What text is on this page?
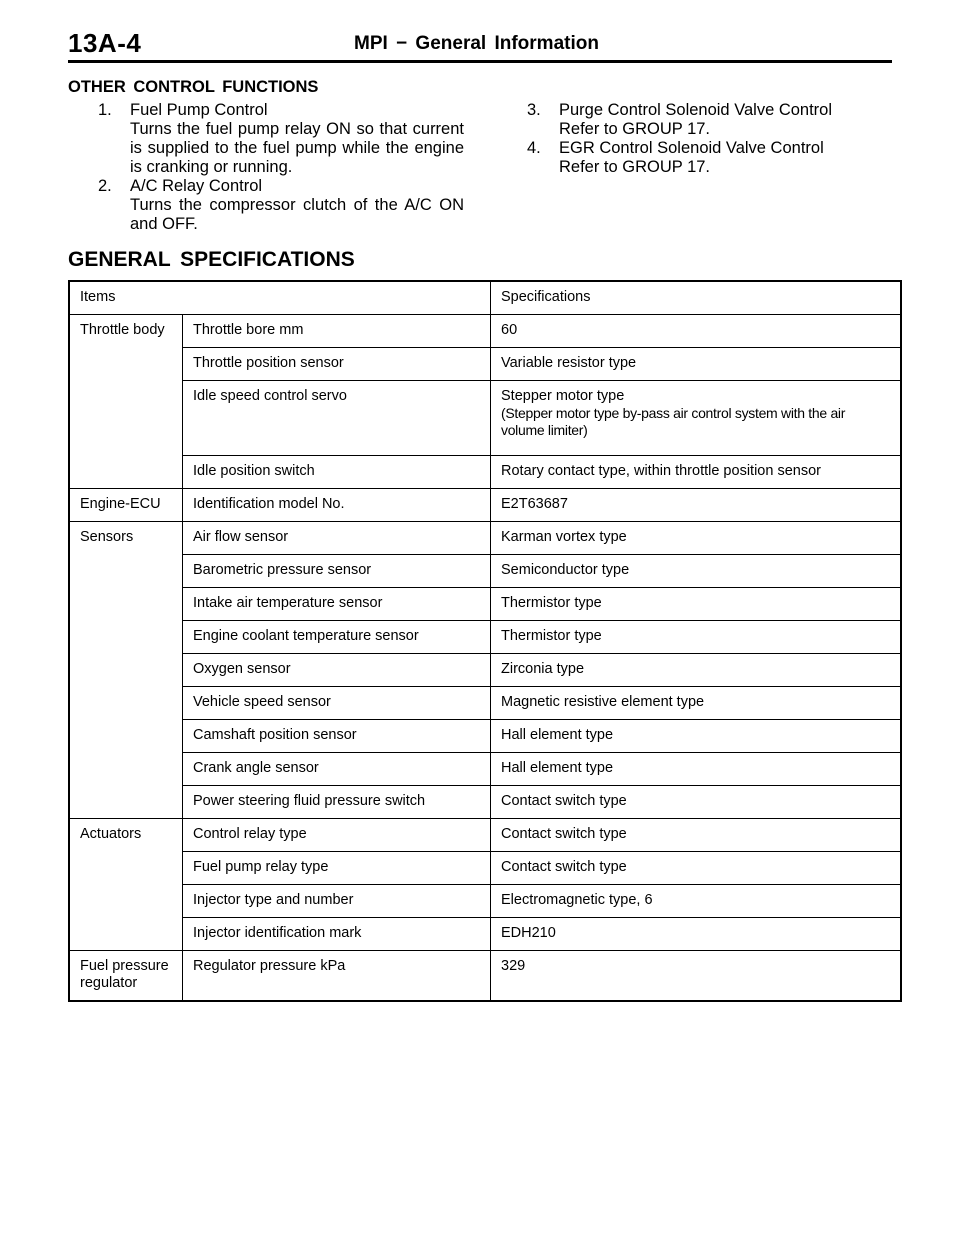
13A-4	MPI − General Information
OTHER CONTROL FUNCTIONS
1. Fuel Pump Control
Turns the fuel pump relay ON so that current is supplied to the fuel pump while the engine is cranking or running.
2. A/C Relay Control
Turns the compressor clutch of the A/C ON and OFF.
3. Purge Control Solenoid Valve Control
Refer to GROUP 17.
4. EGR Control Solenoid Valve Control
Refer to GROUP 17.
GENERAL SPECIFICATIONS
Items		Specifications
Throttle body	Throttle bore mm	60
	Throttle position sensor	Variable resistor type
	Idle speed control servo	Stepper motor type
(Stepper motor type by-pass air control system with the air volume limiter)

	Idle position switch	Rotary contact type, within throttle position sensor
Engine-ECU	Identification model No.	E2T63687
Sensors	Air flow sensor	Karman vortex type
	Barometric pressure sensor	Semiconductor type
	Intake air temperature sensor	Thermistor type
	Engine coolant temperature sensor	Thermistor type
	Oxygen sensor	Zirconia type
	Vehicle speed sensor	Magnetic resistive element type
	Camshaft position sensor	Hall element type
	Crank angle sensor	Hall element type
	Power steering fluid pressure switch	Contact switch type
Actuators	Control relay type	Contact switch type
	Fuel pump relay type	Contact switch type
	Injector type and number	Electromagnetic type, 6
	Injector identification mark	EDH210
Fuel pressure regulator	Regulator pressure kPa	329
